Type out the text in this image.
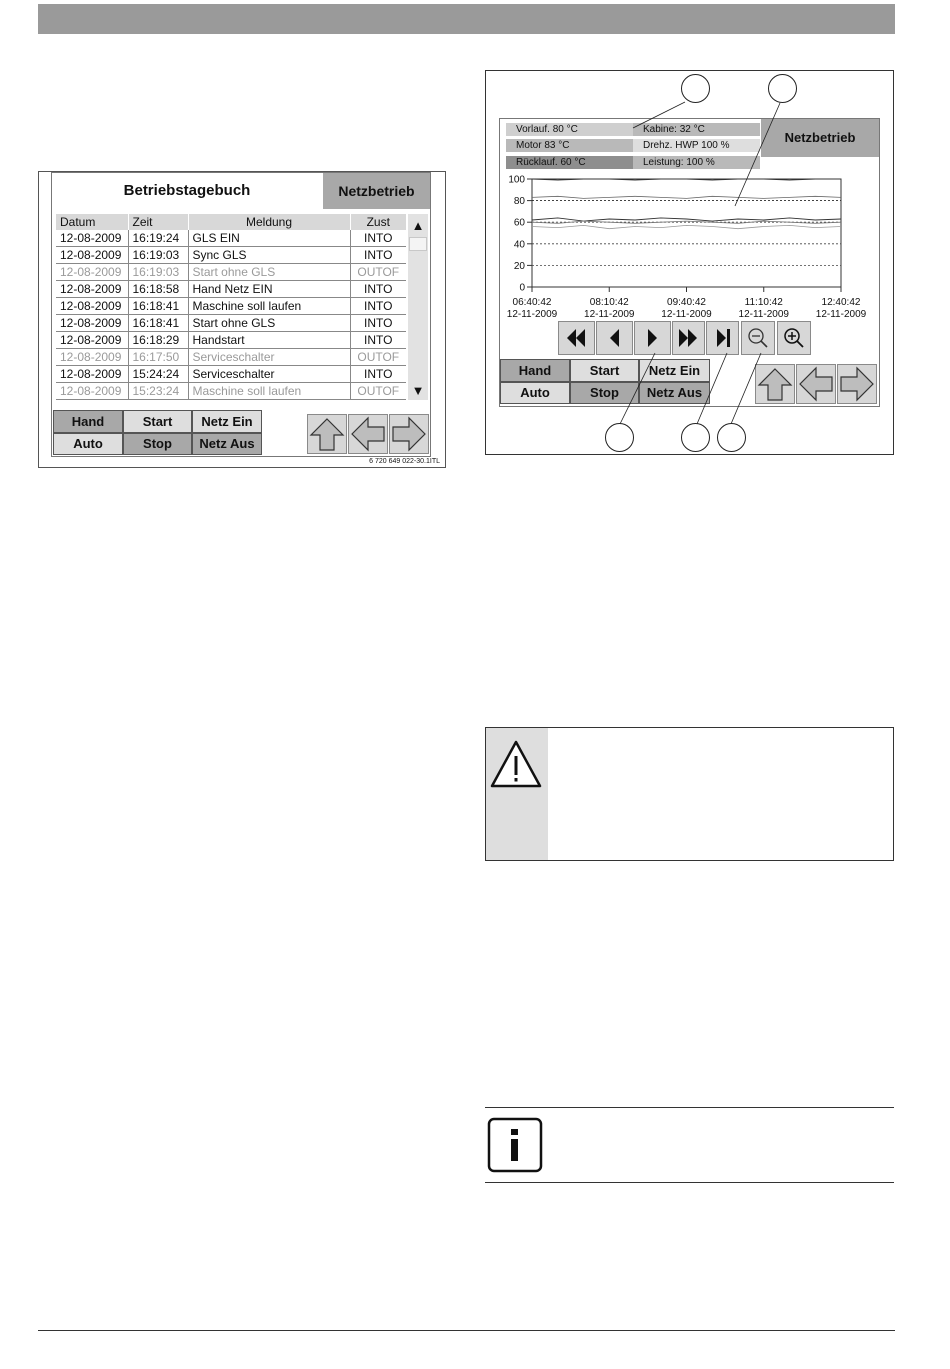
Betriebstagebuch	Netzbetrieb
Datum	Zeit	Meldung	Zust
12-08-2009	16:19:24	GLS EIN	INTO
12-08-2009	16:19:03	Sync GLS	INTO
12-08-2009	16:19:03	Start ohne GLS	OUTOF
12-08-2009	16:18:58	Hand Netz EIN	INTO
12-08-2009	16:18:41	Maschine soll laufen	INTO
12-08-2009	16:18:41	Start ohne GLS	INTO
12-08-2009	16:18:29	Handstart	INTO
12-08-2009	16:17:50	Serviceschalter	OUTOF
12-08-2009	15:24:24	Serviceschalter	INTO
12-08-2009	15:23:24	Maschine soll laufen	OUTOF
▲
▼
Hand	Start	Netz Ein
Auto	Stop	Netz Aus
6 720 649 022-30.1ITL
Vorlauf. 80 °C	Kabine: 32 °C
Motor 83 °C	Drehz. HWP 100 %
Rücklauf. 60 °C	Leistung: 100 %
Netzbetrieb
100
80
60
40
20
0
06:40:42
12-11-2009
08:10:42
12-11-2009
09:40:42
12-11-2009
11:10:42
12-11-2009
12:40:42
12-11-2009
Hand	Start	Netz Ein
Auto	Stop	Netz Aus
